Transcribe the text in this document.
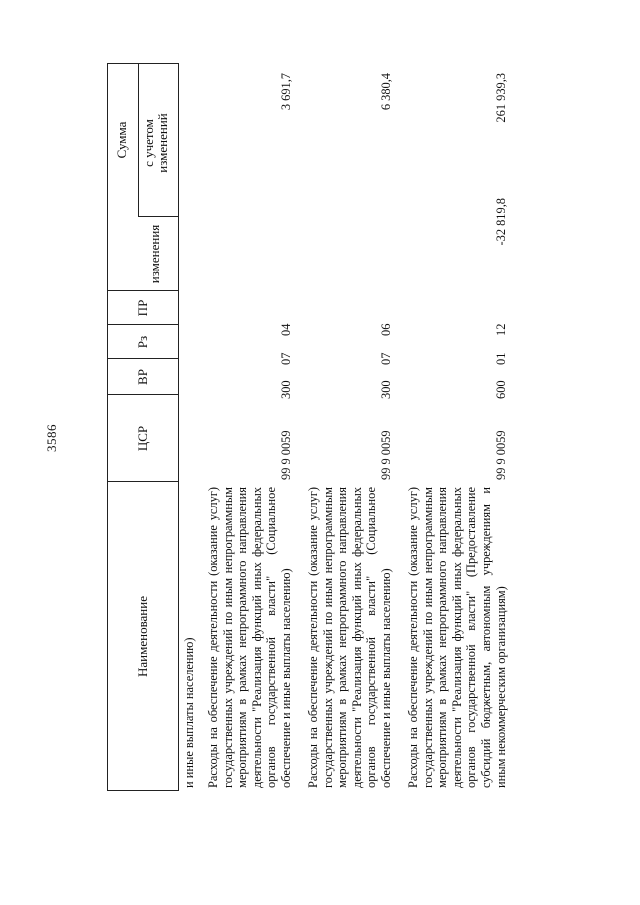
3586
Наименование
ЦСР
ВР
Рз
ПР
Сумма
изменения
с учетом изменений
и иные выплаты населению) Расходы на обеспечение деятельности (оказание услуг) государственных учреждений по иным непрограммным мероприятиям в рамках непрограммного направления деятельности "Реализация функций иных федеральных органов государственной власти" (Социальное обеспечение и иные выплаты населению)
99 9 0059
300
07
04
3 691,7
Расходы на обеспечение деятельности (оказание услуг) государственных учреждений по иным непрограммным мероприятиям в рамках непрограммного направления деятельности "Реализация функций иных федеральных органов государственной власти" (Социальное обеспечение и иные выплаты населению)
99 9 0059
300
07
06
6 380,4
Расходы на обеспечение деятельности (оказание услуг) государственных учреждений по иным непрограммным мероприятиям в рамках непрограммного направления деятельности "Реализация функций иных федеральных органов государственной власти" (Предоставление субсидий бюджетным, автономным учреждениям и иным некоммерческим организациям)
99 9 0059
600
01
12
-32 819,8
261 939,3
